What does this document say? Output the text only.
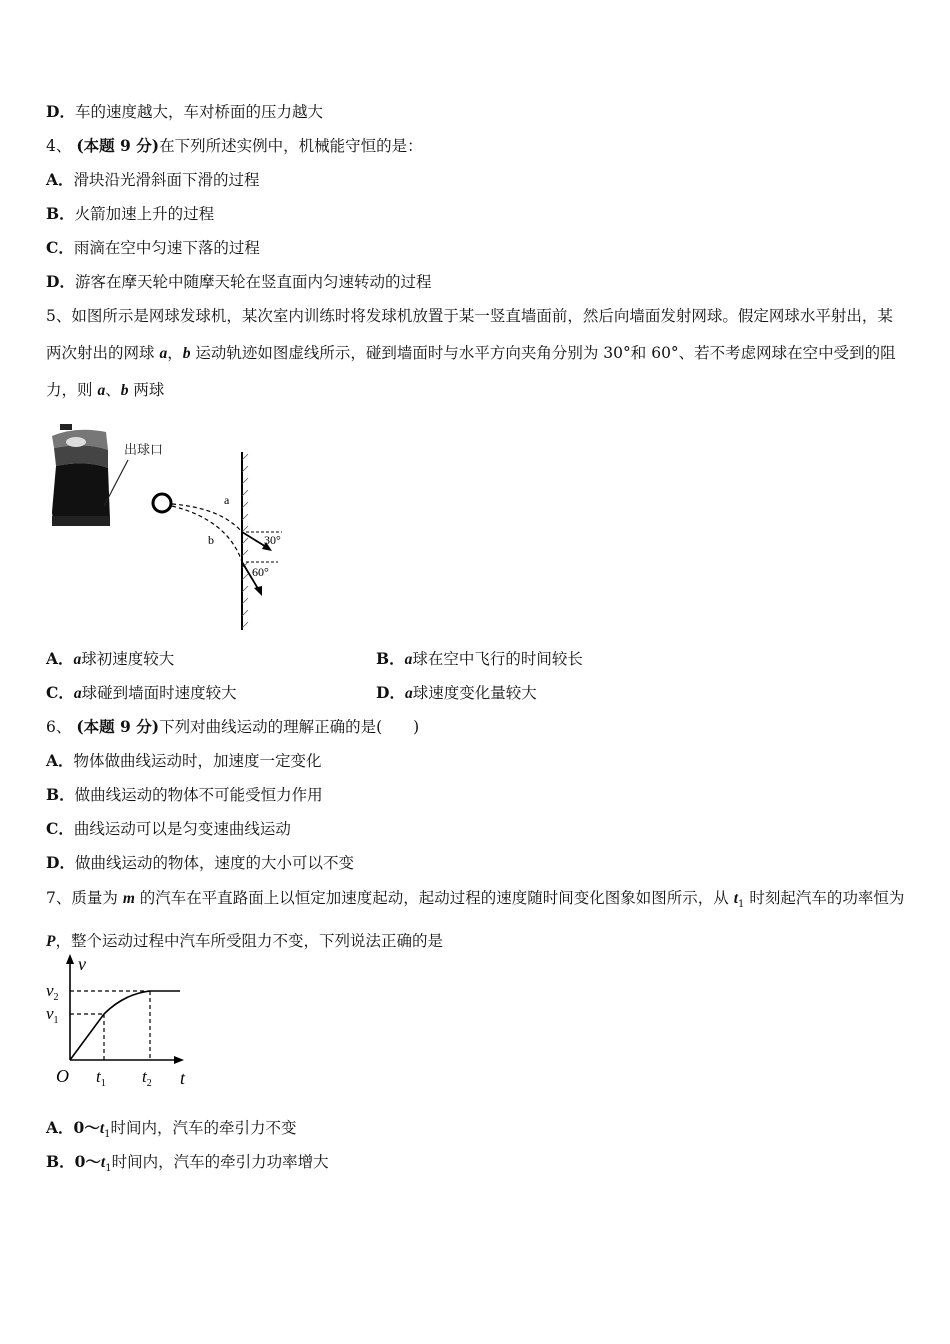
D．车的速度越大，车对桥面的压力越大
4、 (本题 9 分)在下列所述实例中，机械能守恒的是：
A．滑块沿光滑斜面下滑的过程
B．火箭加速上升的过程
C．雨滴在空中匀速下落的过程
D．游客在摩天轮中随摩天轮在竖直面内匀速转动的过程
5、如图所示是网球发球机，某次室内训练时将发球机放置于某一竖直墙面前，然后向墙面发射网球。假定网球水平射出，某两次射出的网球 a，b 运动轨迹如图虚线所示，碰到墙面时与水平方向夹角分别为 30°和 60°、若不考虑网球在空中受到的阻力，则 a、b 两球
出球口
a
b	30°
60°
A．a球初速度较大	B．a球在空中飞行的时间较长
C．a球碰到墙面时速度较大	D．a球速度变化量较大
6、 (本题 9 分)下列对曲线运动的理解正确的是(　　)
A．物体做曲线运动时，加速度一定变化
B．做曲线运动的物体不可能受恒力作用
C．曲线运动可以是匀变速曲线运动
D．做曲线运动的物体，速度的大小可以不变
7、质量为 m 的汽车在平直路面上以恒定加速度起动，起动过程的速度随时间变化图象如图所示，从 $t_1$ 时刻起汽车的功率恒为 P，整个运动过程中汽车所受阻力不变，下列说法正确的是
v
t
O
$v_2$
$v_1$
$t_1$ $t_2$
A．$0\sim t_1$时间内，汽车的牵引力不变
B．$0\sim t_1$时间内，汽车的牵引力功率增大
